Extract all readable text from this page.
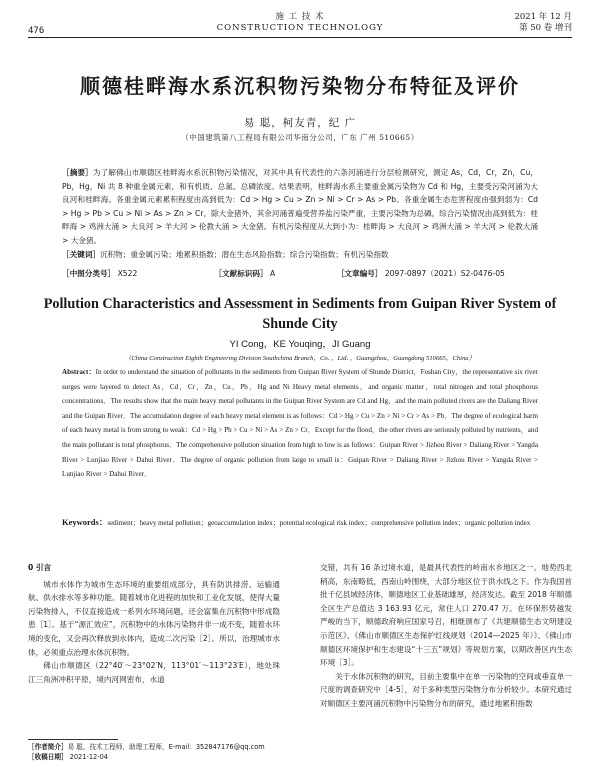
476
施 工 技 术
CONSTRUCTION TECHNOLOGY
2021 年 12 月
第 50 卷 增刊
顺德桂畔海水系沉积物污染物分布特征及评价
易 聪，柯友青，纪 广
（中国建筑第八工程局有限公司华南分公司，广东 广州 510665）
［摘要］为了解佛山市顺德区桂畔海水系沉积物污染情况，对其中具有代表性的六条河涌进行分层检测研究，测定 As，Cd，Cr，Zn，Cu，Pb，Hg，Ni 共 8 种重金属元素，和有机质、总氮、总磷浓度。结果表明，桂畔海水系主要重金属污染物为 Cd 和 Hg，主要受污染河涌为大良河和桂畔海。各重金属元素累积程度由高到低为：Cd > Hg > Cu > Zn > Ni > Cr > As > Pb。各重金属生态危害程度由强到弱为：Cd > Hg > Pb > Cu > Ni > As > Zn > Cr。除大金猪外，其余河涌普遍受营养盐污染严重，主要污染物为总磷。综合污染情况由高到低为：桂畔海 > 鸡洲大涌 > 大良河 > 羊大河 > 伦教大涌 > 大金猪。有机污染程度从大到小为：桂畔海 > 大良河 > 鸡洲大涌 > 羊大河 > 伦教大涌 > 大金猪。
［关键词］沉积物；重金属污染；地累积指数；潜在生态风险指数；综合污染指数；有机污染指数
［中图分类号］ X522	［文献标识码］ A	［文章编号］ 2097-0897（2021）S2-0476-05
Pollution Characteristics and Assessment in Sediments from Guipan River System of Shunde City
YI Cong，KE Youqing，JI Guang
（China Construction Eighth Engineering Division Southchina Branch，Co．，Ltd．，Guangzhou，Guangdong 510665，China）
Abstract：In order to understand the situation of pollutants in the sediments from Guipan River System of Shunde District，Foshan City，the representative six river surges were layered to detect As，Cd，Cr，Zn，Cu，Pb，Hg and Ni Heavy metal elements，and organic matter，total nitrogen and total phosphorus concentrations．The results show that the main heavy metal pollutants in the Guipan River System are Cd and Hg，and the main polluted rivers are the Daliang River and the Guipan River．The accumulation degree of each heavy metal element is as follows：Cd > Hg > Cu > Zn > Ni > Cr > As > Pb．The degree of ecological harm of each heavy metal is from strong to weak：Cd > Hg > Pb > Cu > Ni > As > Zn > Cr．Except for the flood，the other rivers are seriously polluted by nutrients，and the main pollutant is total phosphorus．The comprehensive pollution situation from high to low is as follows：Guipan River > Jizhou River > Daliang River > Yangda River > Lunjiao River > Dahui River．The degree of organic pollution from large to small is：Guipan River > Daliang River > Jizhou River > Yangda River > Lunjiao River > Dahui River．
Keywords：sediment；heavy metal pollution；geoaccumulation index；potential ecological risk index；comprehensive pollution index；organic pollution index
0 引言

城市水体作为城市生态环境的重要组成部分，具有防洪排涝、运输通航、供水排水等多种功能。随着城市化进程的加快和工业化发展，使得大量污染物排入，不仅直接造成一系列水环境问题，还会富集在沉积物中形成隐患［1］。基于“源汇效应”，沉积物中的水体污染物并非一成不变，随着水环境的变化，又会再次释放到水体内，造成二次污染［2］。所以，治理城市水体，必须重点治理水体沉积物。

佛山市顺德区（22°40′～23°02′N，113°01′～113°23′E），地处珠江三角洲冲积平原，境内河网密布，水道

交错，共有 16 条过境水道，是最具代表性的岭南水乡地区之一。地势西北稍高，东南略低，西南山岭围绕，大部分地区位于洪水线之下。作为我国首批千亿县域经济体，顺德地区工业基础雄厚，经济发达。截至 2018 年顺德全区生产总值达 3 163.93 亿元，常住人口 270.47 万。在环保形势越发严峻的当下，顺德政府响应国家号召，相继颁布了《共建顺德生态文明建设示范区》、《佛山市顺德区生态保护红线规划（2014—2025 年）》、《佛山市顺德区环境保护和生态建设“十三五”规划》等规划方案，以期改善区内生态环境［3］。

关于水体沉积物的研究，目前主要集中在单一污染物的空间或垂直单一尺度的调查研究中［4-5］，对于多种类型污染物分布分析较少。本研究通过对顺德区主要河涌沉积物中污染物分布的研究，通过地累积指数

［作者简介］易 聪，技术工程师，助理工程师，E-mail：352847176@qq.com
［收稿日期］ 2021-12-04
